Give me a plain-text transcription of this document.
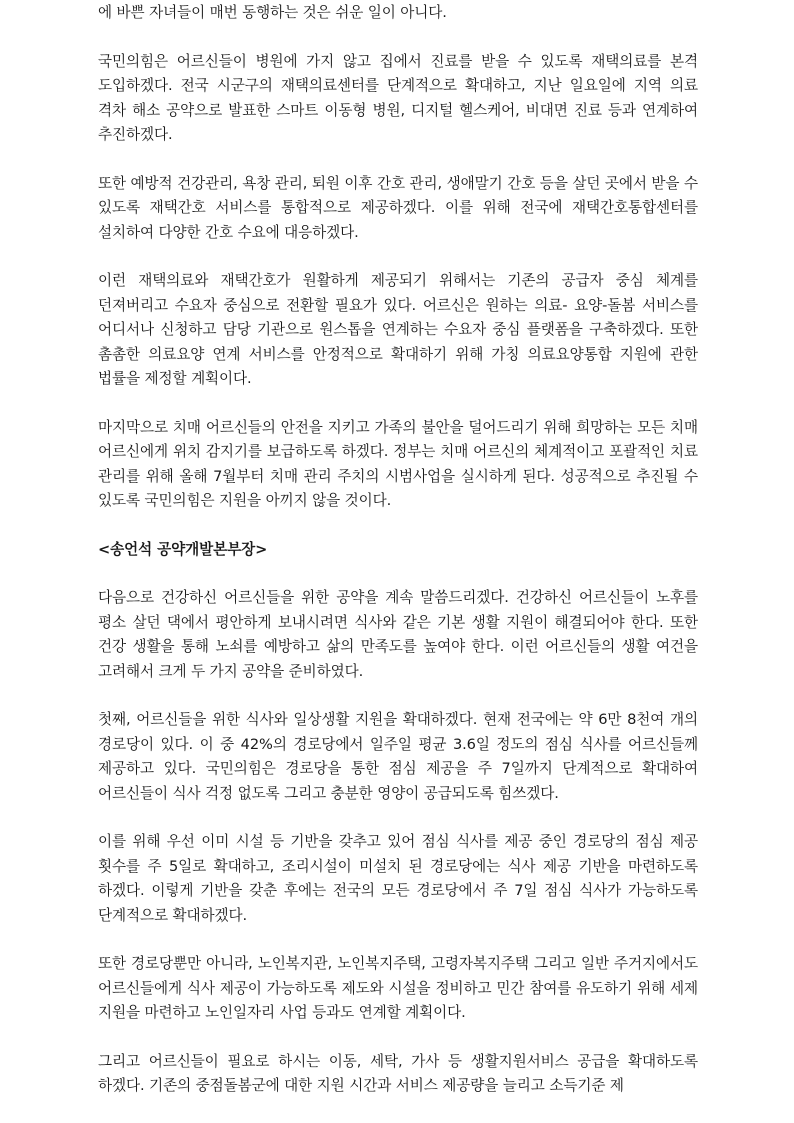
에 바쁜 자녀들이 매번 동행하는 것은 쉬운 일이 아니다.

국민의힘은 어르신들이 병원에 가지 않고 집에서 진료를 받을 수 있도록 재택의료를 본격 도입하겠다. 전국 시군구의 재택의료센터를 단계적으로 확대하고, 지난 일요일에 지역 의료 격차 해소 공약으로 발표한 스마트 이동형 병원, 디지털 헬스케어, 비대면 진료 등과 연계하여 추진하겠다.

또한 예방적 건강관리, 욕창 관리, 퇴원 이후 간호 관리, 생애말기 간호 등을 살던 곳에서 받을 수 있도록 재택간호 서비스를 통합적으로 제공하겠다. 이를 위해 전국에 재택간호통합센터를 설치하여 다양한 간호 수요에 대응하겠다.

이런 재택의료와 재택간호가 원활하게 제공되기 위해서는 기존의 공급자 중심 체계를 던져버리고 수요자 중심으로 전환할 필요가 있다. 어르신은 원하는 의료- 요양-돌봄 서비스를 어디서나 신청하고 담당 기관으로 원스톱을 연계하는 수요자 중심 플랫폼을 구축하겠다. 또한 촘촘한 의료요양 연계 서비스를 안정적으로 확대하기 위해 가칭 의료요양통합 지원에 관한 법률을 제정할 계획이다.

마지막으로 치매 어르신들의 안전을 지키고 가족의 불안을 덜어드리기 위해 희망하는 모든 치매 어르신에게 위치 감지기를 보급하도록 하겠다. 정부는 치매 어르신의 체계적이고 포괄적인 치료 관리를 위해 올해 7월부터 치매 관리 주치의 시범사업을 실시하게 된다. 성공적으로 추진될 수 있도록 국민의힘은 지원을 아끼지 않을 것이다.

<송언석 공약개발본부장>

다음으로 건강하신 어르신들을 위한 공약을 계속 말씀드리겠다. 건강하신 어르신들이 노후를 평소 살던 댁에서 평안하게 보내시려면 식사와 같은 기본 생활 지원이 해결되어야 한다. 또한 건강 생활을 통해 노쇠를 예방하고 삶의 만족도를 높여야 한다. 이런 어르신들의 생활 여건을 고려해서 크게 두 가지 공약을 준비하였다.

첫째, 어르신들을 위한 식사와 일상생활 지원을 확대하겠다. 현재 전국에는 약 6만 8천여 개의 경로당이 있다. 이 중 42%의 경로당에서 일주일 평균 3.6일 정도의 점심 식사를 어르신들께 제공하고 있다. 국민의힘은 경로당을 통한 점심 제공을 주 7일까지 단계적으로 확대하여 어르신들이 식사 걱정 없도록 그리고 충분한 영양이 공급되도록 힘쓰겠다.

이를 위해 우선 이미 시설 등 기반을 갖추고 있어 점심 식사를 제공 중인 경로당의 점심 제공 횟수를 주 5일로 확대하고, 조리시설이 미설치 된 경로당에는 식사 제공 기반을 마련하도록 하겠다. 이렇게 기반을 갖춘 후에는 전국의 모든 경로당에서 주 7일 점심 식사가 가능하도록 단계적으로 확대하겠다.

또한 경로당뿐만 아니라, 노인복지관, 노인복지주택, 고령자복지주택 그리고 일반 주거지에서도 어르신들에게 식사 제공이 가능하도록 제도와 시설을 정비하고 민간 참여를 유도하기 위해 세제 지원을 마련하고 노인일자리 사업 등과도 연계할 계획이다.

그리고 어르신들이 필요로 하시는 이동, 세탁, 가사 등 생활지원서비스 공급을 확대하도록 하겠다. 기존의 중점돌봄군에 대한 지원 시간과 서비스 제공량을 늘리고 소득기준 제
